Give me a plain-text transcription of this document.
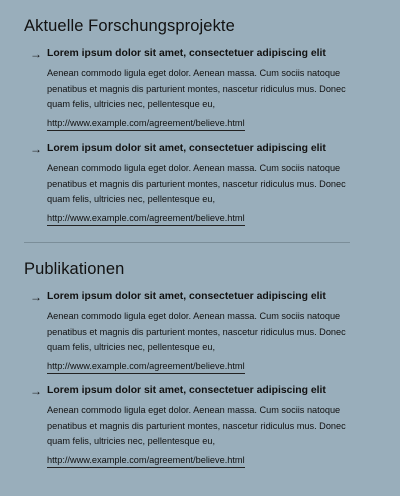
Aktuelle Forschungsprojekte
→ Lorem ipsum dolor sit amet, consectetuer adipiscing elit
Aenean commodo ligula eget dolor. Aenean massa. Cum sociis natoque penatibus et magnis dis parturient montes, nascetur ridiculus mus. Donec quam felis, ultricies nec, pellentesque eu,
http://www.example.com/agreement/believe.html
→ Lorem ipsum dolor sit amet, consectetuer adipiscing elit
Aenean commodo ligula eget dolor. Aenean massa. Cum sociis natoque penatibus et magnis dis parturient montes, nascetur ridiculus mus. Donec quam felis, ultricies nec, pellentesque eu,
http://www.example.com/agreement/believe.html
Publikationen
→ Lorem ipsum dolor sit amet, consectetuer adipiscing elit
Aenean commodo ligula eget dolor. Aenean massa. Cum sociis natoque penatibus et magnis dis parturient montes, nascetur ridiculus mus. Donec quam felis, ultricies nec, pellentesque eu,
http://www.example.com/agreement/believe.html
→ Lorem ipsum dolor sit amet, consectetuer adipiscing elit
Aenean commodo ligula eget dolor. Aenean massa. Cum sociis natoque penatibus et magnis dis parturient montes, nascetur ridiculus mus. Donec quam felis, ultricies nec, pellentesque eu,
http://www.example.com/agreement/believe.html
